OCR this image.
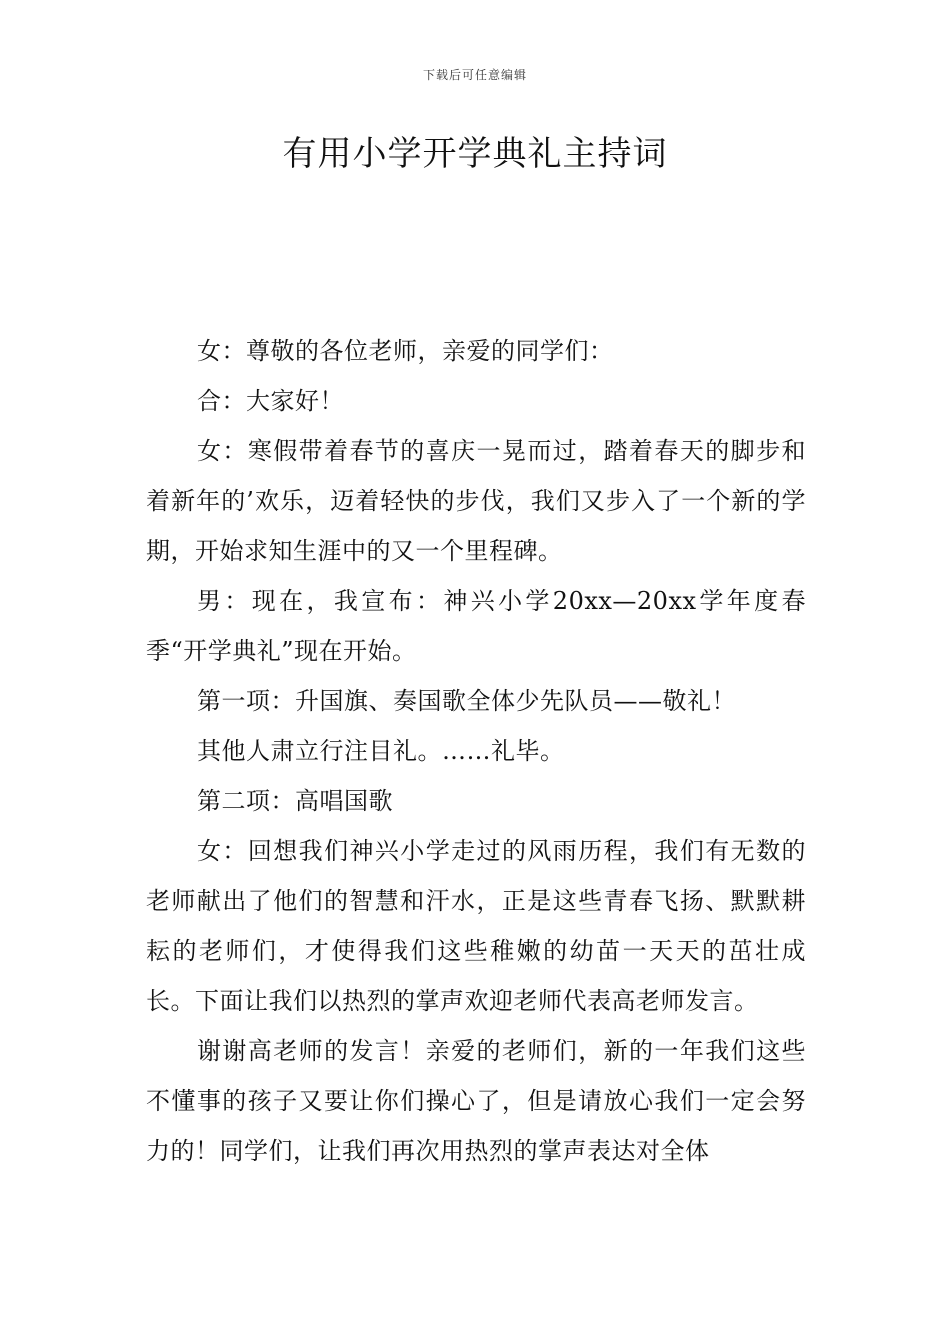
下载后可任意编辑
有用小学开学典礼主持词

女：尊敬的各位老师，亲爱的同学们：

合：大家好！

女：寒假带着春节的喜庆一晃而过，踏着春天的脚步和着新年的’欢乐，迈着轻快的步伐，我们又步入了一个新的学期，开始求知生涯中的又一个里程碑。

男：现在，我宣布：神兴小学20xx—20xx学年度春季“开学典礼”现在开始。

第一项：升国旗、奏国歌全体少先队员——敬礼！

其他人肃立行注目礼。……礼毕。

第二项：高唱国歌

女：回想我们神兴小学走过的风雨历程，我们有无数的老师献出了他们的智慧和汗水，正是这些青春飞扬、默默耕耘的老师们，才使得我们这些稚嫩的幼苗一天天的茁壮成长。下面让我们以热烈的掌声欢迎老师代表高老师发言。

谢谢高老师的发言！亲爱的老师们，新的一年我们这些不懂事的孩子又要让你们操心了，但是请放心我们一定会努力的！同学们，让我们再次用热烈的掌声表达对全体
